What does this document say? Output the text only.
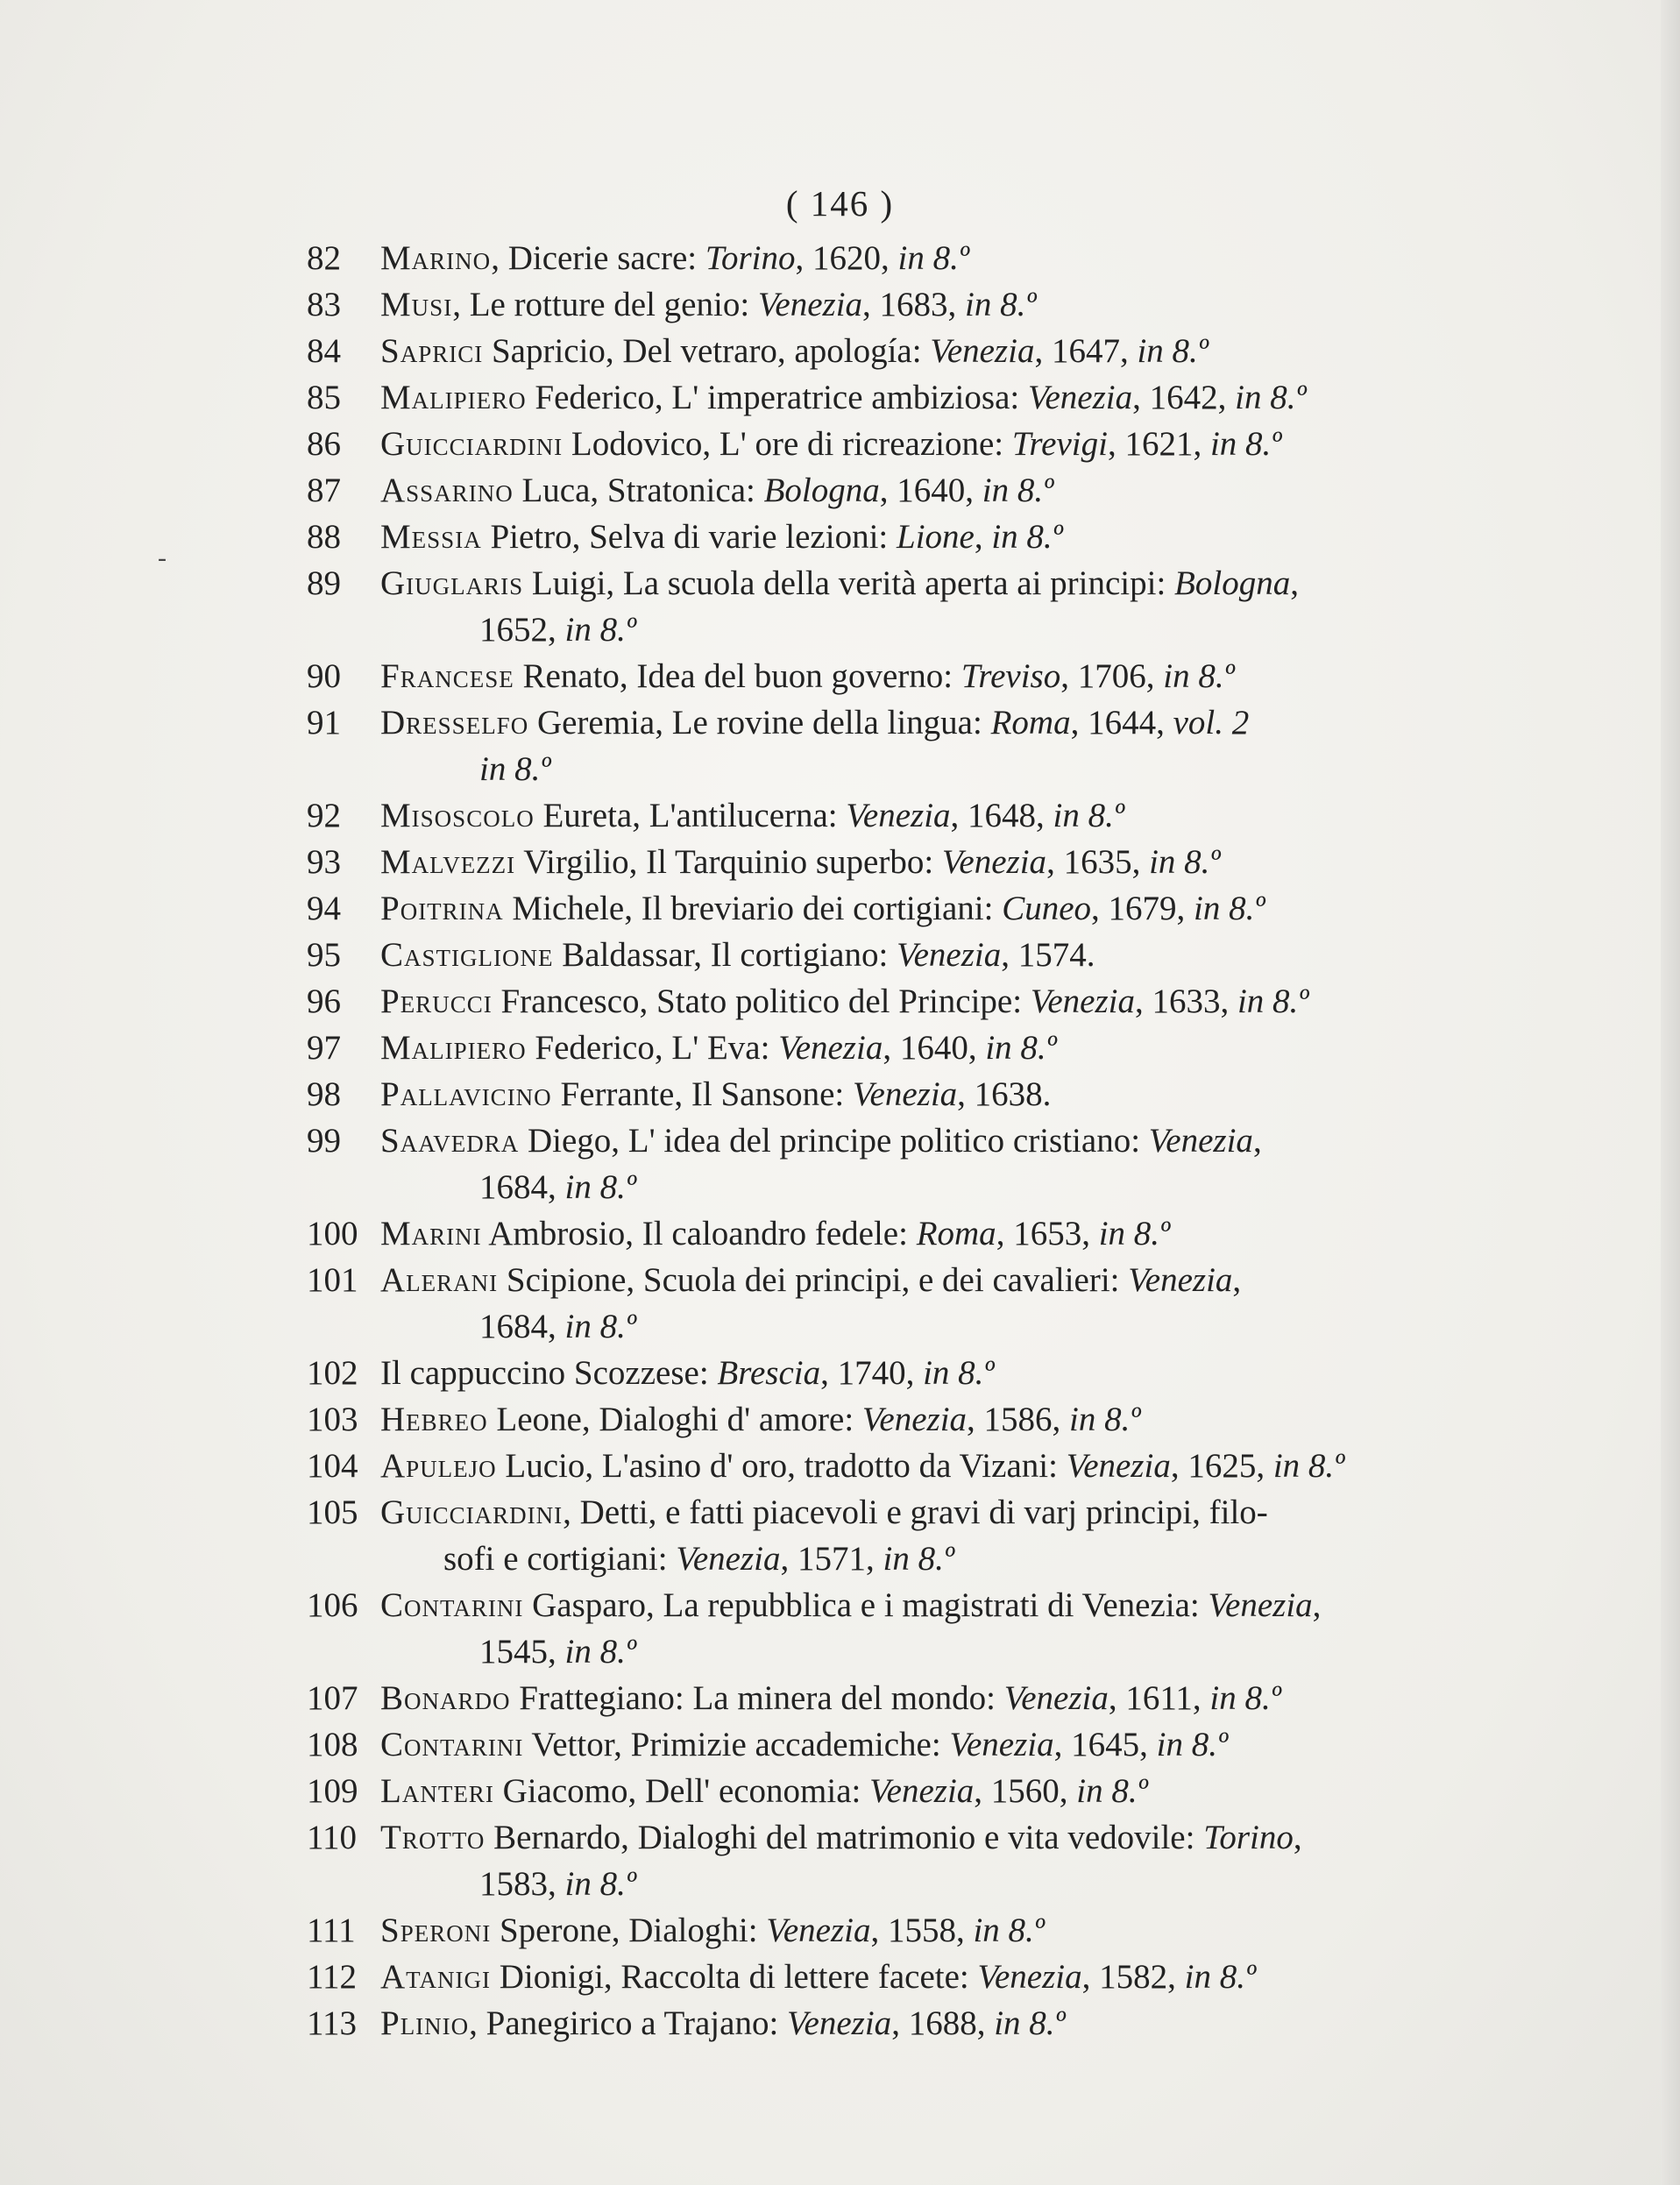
( 146 )
-
82 Marino, Dicerie sacre: Torino, 1620, in 8.º
83 Musi, Le rotture del genio: Venezia, 1683, in 8.º
84 Saprici Sapricio, Del vetraro, apología: Venezia, 1647, in 8.º
85 Malipiero Federico, L' imperatrice ambiziosa: Venezia, 1642, in 8.º
86 Guicciardini Lodovico, L' ore di ricreazione: Trevigi, 1621, in 8.º
87 Assarino Luca, Stratonica: Bologna, 1640, in 8.º
88 Messia Pietro, Selva di varie lezioni: Lione, in 8.º
89 Giuglaris Luigi, La scuola della verità aperta ai principi: Bologna,
1652, in 8.º
90 Francese Renato, Idea del buon governo: Treviso, 1706, in 8.º
91 Dresselfo Geremia, Le rovine della lingua: Roma, 1644, vol. 2
in 8.º
92 Misoscolo Eureta, L'antilucerna: Venezia, 1648, in 8.º
93 Malvezzi Virgilio, Il Tarquinio superbo: Venezia, 1635, in 8.º
94 Poitrina Michele, Il breviario dei cortigiani: Cuneo, 1679, in 8.º
95 Castiglione Baldassar, Il cortigiano: Venezia, 1574.
96 Perucci Francesco, Stato politico del Principe: Venezia, 1633, in 8.º
97 Malipiero Federico, L' Eva: Venezia, 1640, in 8.º
98 Pallavicino Ferrante, Il Sansone: Venezia, 1638.
99 Saavedra Diego, L' idea del principe politico cristiano: Venezia,
1684, in 8.º
100 Marini Ambrosio, Il caloandro fedele: Roma, 1653, in 8.º
101 Alerani Scipione, Scuola dei principi, e dei cavalieri: Venezia,
1684, in 8.º
102 Il cappuccino Scozzese: Brescia, 1740, in 8.º
103 Hebreo Leone, Dialoghi d' amore: Venezia, 1586, in 8.º
104 Apulejo Lucio, L'asino d' oro, tradotto da Vizani: Venezia, 1625, in 8.º
105 Guicciardini, Detti, e fatti piacevoli e gravi di varj principi, filo-
sofi e cortigiani: Venezia, 1571, in 8.º
106 Contarini Gasparo, La repubblica e i magistrati di Venezia: Venezia,
1545, in 8.º
107 Bonardo Frattegiano: La minera del mondo: Venezia, 1611, in 8.º
108 Contarini Vettor, Primizie accademiche: Venezia, 1645, in 8.º
109 Lanteri Giacomo, Dell' economia: Venezia, 1560, in 8.º
110 Trotto Bernardo, Dialoghi del matrimonio e vita vedovile: Torino,
1583, in 8.º
111 Speroni Sperone, Dialoghi: Venezia, 1558, in 8.º
112 Atanigi Dionigi, Raccolta di lettere facete: Venezia, 1582, in 8.º
113 Plinio, Panegirico a Trajano: Venezia, 1688, in 8.º
